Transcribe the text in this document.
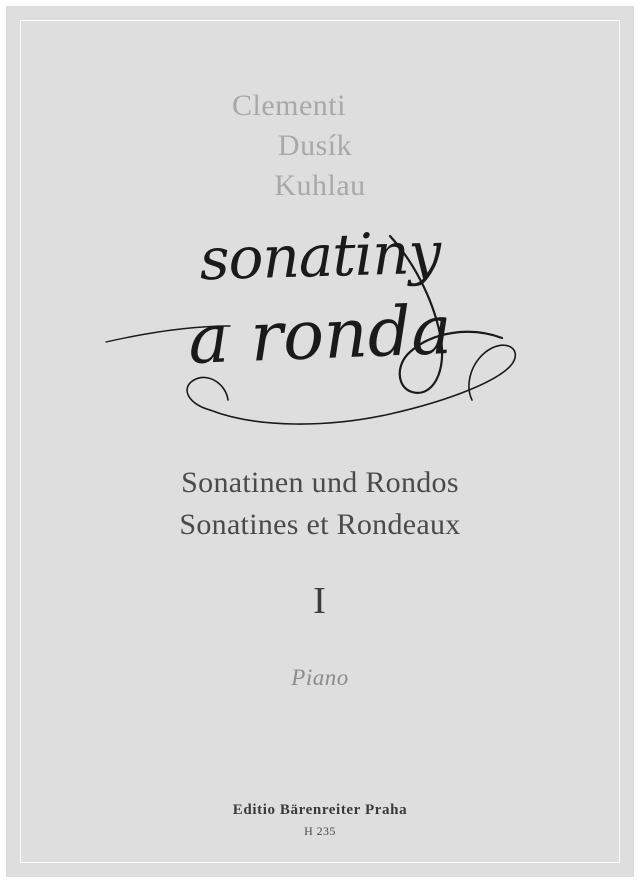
Clementi
Dusík
Kuhlau
sonatiny
a ronda
Sonatinen und Rondos
Sonatines et Rondeaux
I
Piano
Editio Bärenreiter Praha
H 235
